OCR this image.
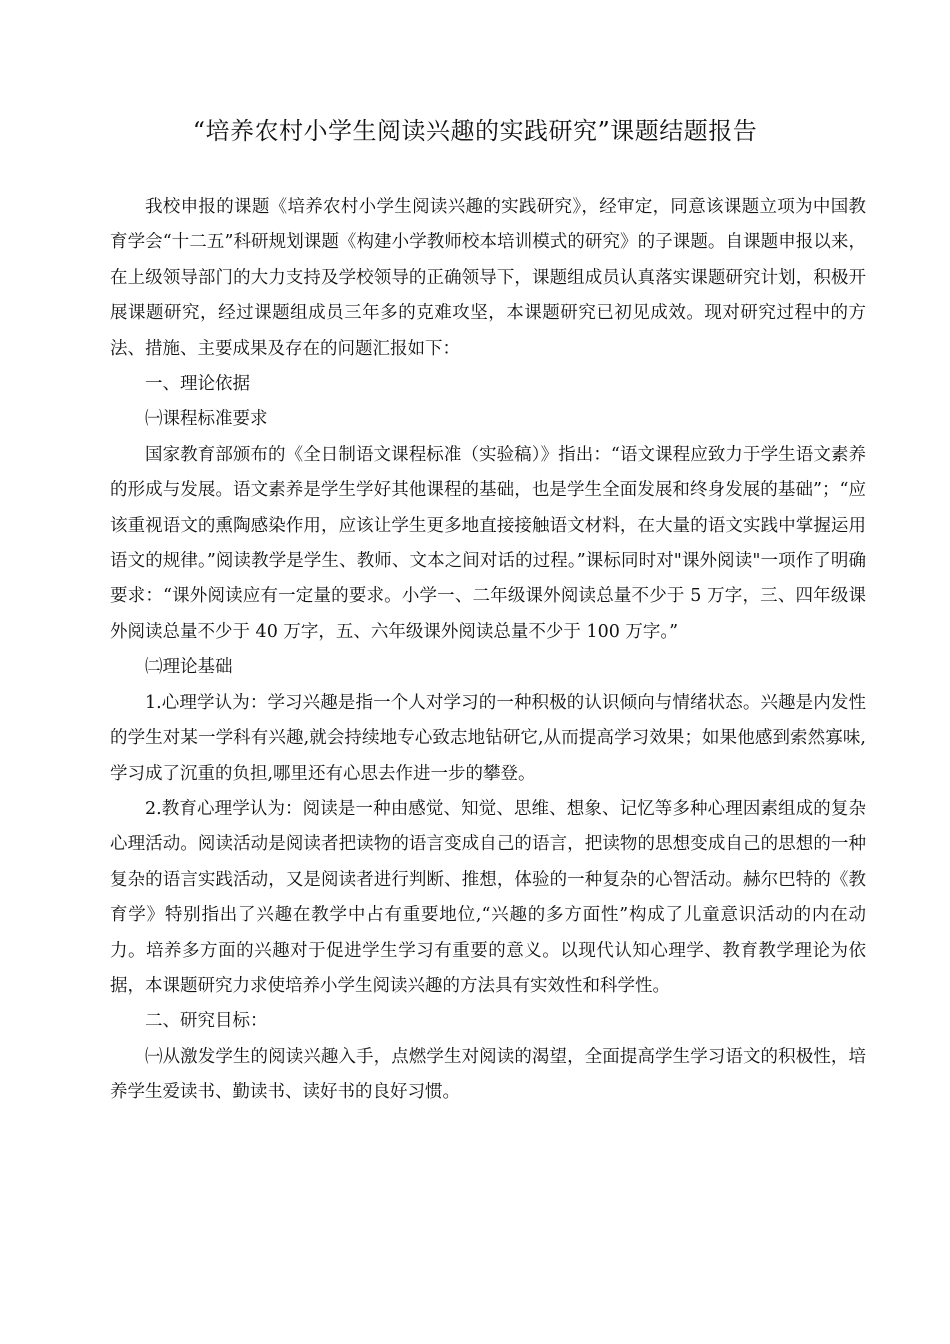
“培养农村小学生阅读兴趣的实践研究”课题结题报告

我校申报的课题《培养农村小学生阅读兴趣的实践研究》，经审定，同意该课题立项为中国教育学会“十二五”科研规划课题《构建小学教师校本培训模式的研究》的子课题。自课题申报以来，在上级领导部门的大力支持及学校领导的正确领导下，课题组成员认真落实课题研究计划，积极开展课题研究，经过课题组成员三年多的克难攻坚，本课题研究已初见成效。现对研究过程中的方法、措施、主要成果及存在的问题汇报如下：

一、理论依据

㈠课程标准要求

国家教育部颁布的《全日制语文课程标准（实验稿）》指出：“语文课程应致力于学生语文素养的形成与发展。语文素养是学生学好其他课程的基础，也是学生全面发展和终身发展的基础”；“应该重视语文的熏陶感染作用，应该让学生更多地直接接触语文材料，在大量的语文实践中掌握运用语文的规律。”阅读教学是学生、教师、文本之间对话的过程。”课标同时对"课外阅读"一项作了明确要求：“课外阅读应有一定量的要求。小学一、二年级课外阅读总量不少于 5 万字，三、四年级课外阅读总量不少于 40 万字，五、六年级课外阅读总量不少于 100 万字。”

㈡理论基础

1.心理学认为：学习兴趣是指一个人对学习的一种积极的认识倾向与情绪状态。兴趣是内发性的学生对某一学科有兴趣,就会持续地专心致志地钻研它,从而提高学习效果；如果他感到索然寡味,学习成了沉重的负担,哪里还有心思去作进一步的攀登。

2.教育心理学认为：阅读是一种由感觉、知觉、思维、想象、记忆等多种心理因素组成的复杂心理活动。阅读活动是阅读者把读物的语言变成自己的语言，把读物的思想变成自己的思想的一种复杂的语言实践活动，又是阅读者进行判断、推想，体验的一种复杂的心智活动。赫尔巴特的《教育学》特别指出了兴趣在教学中占有重要地位,“兴趣的多方面性”构成了儿童意识活动的内在动力。培养多方面的兴趣对于促进学生学习有重要的意义。以现代认知心理学、教育教学理论为依据，本课题研究力求使培养小学生阅读兴趣的方法具有实效性和科学性。

二、研究目标：

㈠从激发学生的阅读兴趣入手，点燃学生对阅读的渴望，全面提高学生学习语文的积极性，培养学生爱读书、勤读书、读好书的良好习惯。
